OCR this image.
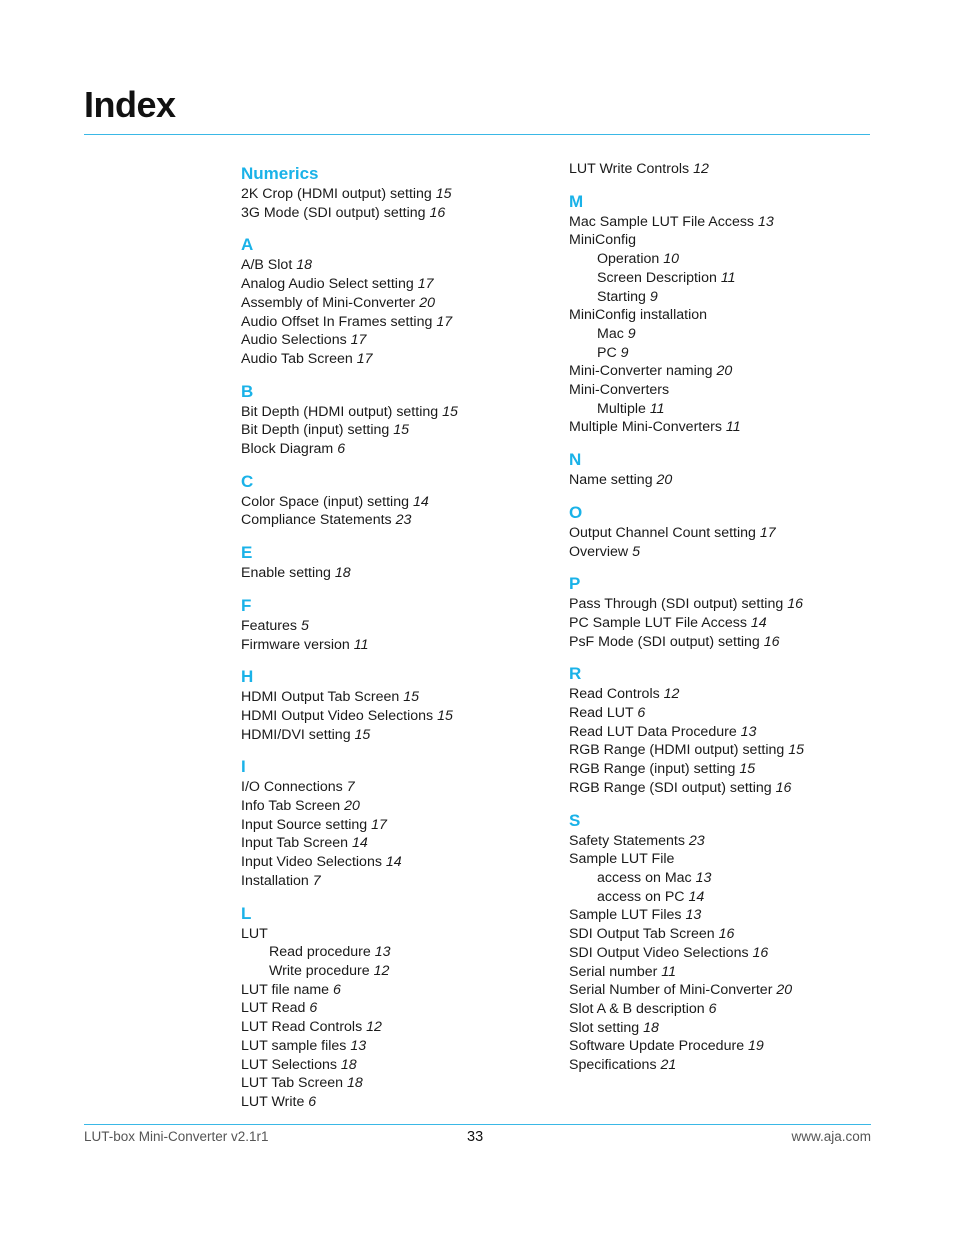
Index
Numerics
2K Crop (HDMI output) setting 15
3G Mode (SDI output) setting 16
A
A/B Slot 18
Analog Audio Select setting 17
Assembly of Mini-Converter 20
Audio Offset In Frames setting 17
Audio Selections 17
Audio Tab Screen 17
B
Bit Depth (HDMI output) setting 15
Bit Depth (input) setting 15
Block Diagram 6
C
Color Space (input) setting 14
Compliance Statements 23
E
Enable setting 18
F
Features 5
Firmware version 11
H
HDMI Output Tab Screen 15
HDMI Output Video Selections 15
HDMI/DVI setting 15
I
I/O Connections 7
Info Tab Screen 20
Input Source setting 17
Input Tab Screen 14
Input Video Selections 14
Installation 7
L
LUT
Read procedure 13
Write procedure 12
LUT file name 6
LUT Read 6
LUT Read Controls 12
LUT sample files 13
LUT Selections 18
LUT Tab Screen 18
LUT Write 6
LUT Write Controls 12
M
Mac Sample LUT File Access 13
MiniConfig
Operation 10
Screen Description 11
Starting 9
MiniConfig installation
Mac 9
PC 9
Mini-Converter naming 20
Mini-Converters
Multiple 11
Multiple Mini-Converters 11
N
Name setting 20
O
Output Channel Count setting 17
Overview 5
P
Pass Through (SDI output) setting 16
PC Sample LUT File Access 14
PsF Mode (SDI output) setting 16
R
Read Controls 12
Read LUT 6
Read LUT Data Procedure 13
RGB Range (HDMI output) setting 15
RGB Range (input) setting 15
RGB Range (SDI output) setting 16
S
Safety Statements 23
Sample LUT File
access on Mac 13
access on PC 14
Sample LUT Files 13
SDI Output Tab Screen 16
SDI Output Video Selections 16
Serial number 11
Serial Number of Mini-Converter 20
Slot A & B description 6
Slot setting 18
Software Update Procedure 19
Specifications 21
LUT-box Mini-Converter v2.1r1	33	www.aja.com
